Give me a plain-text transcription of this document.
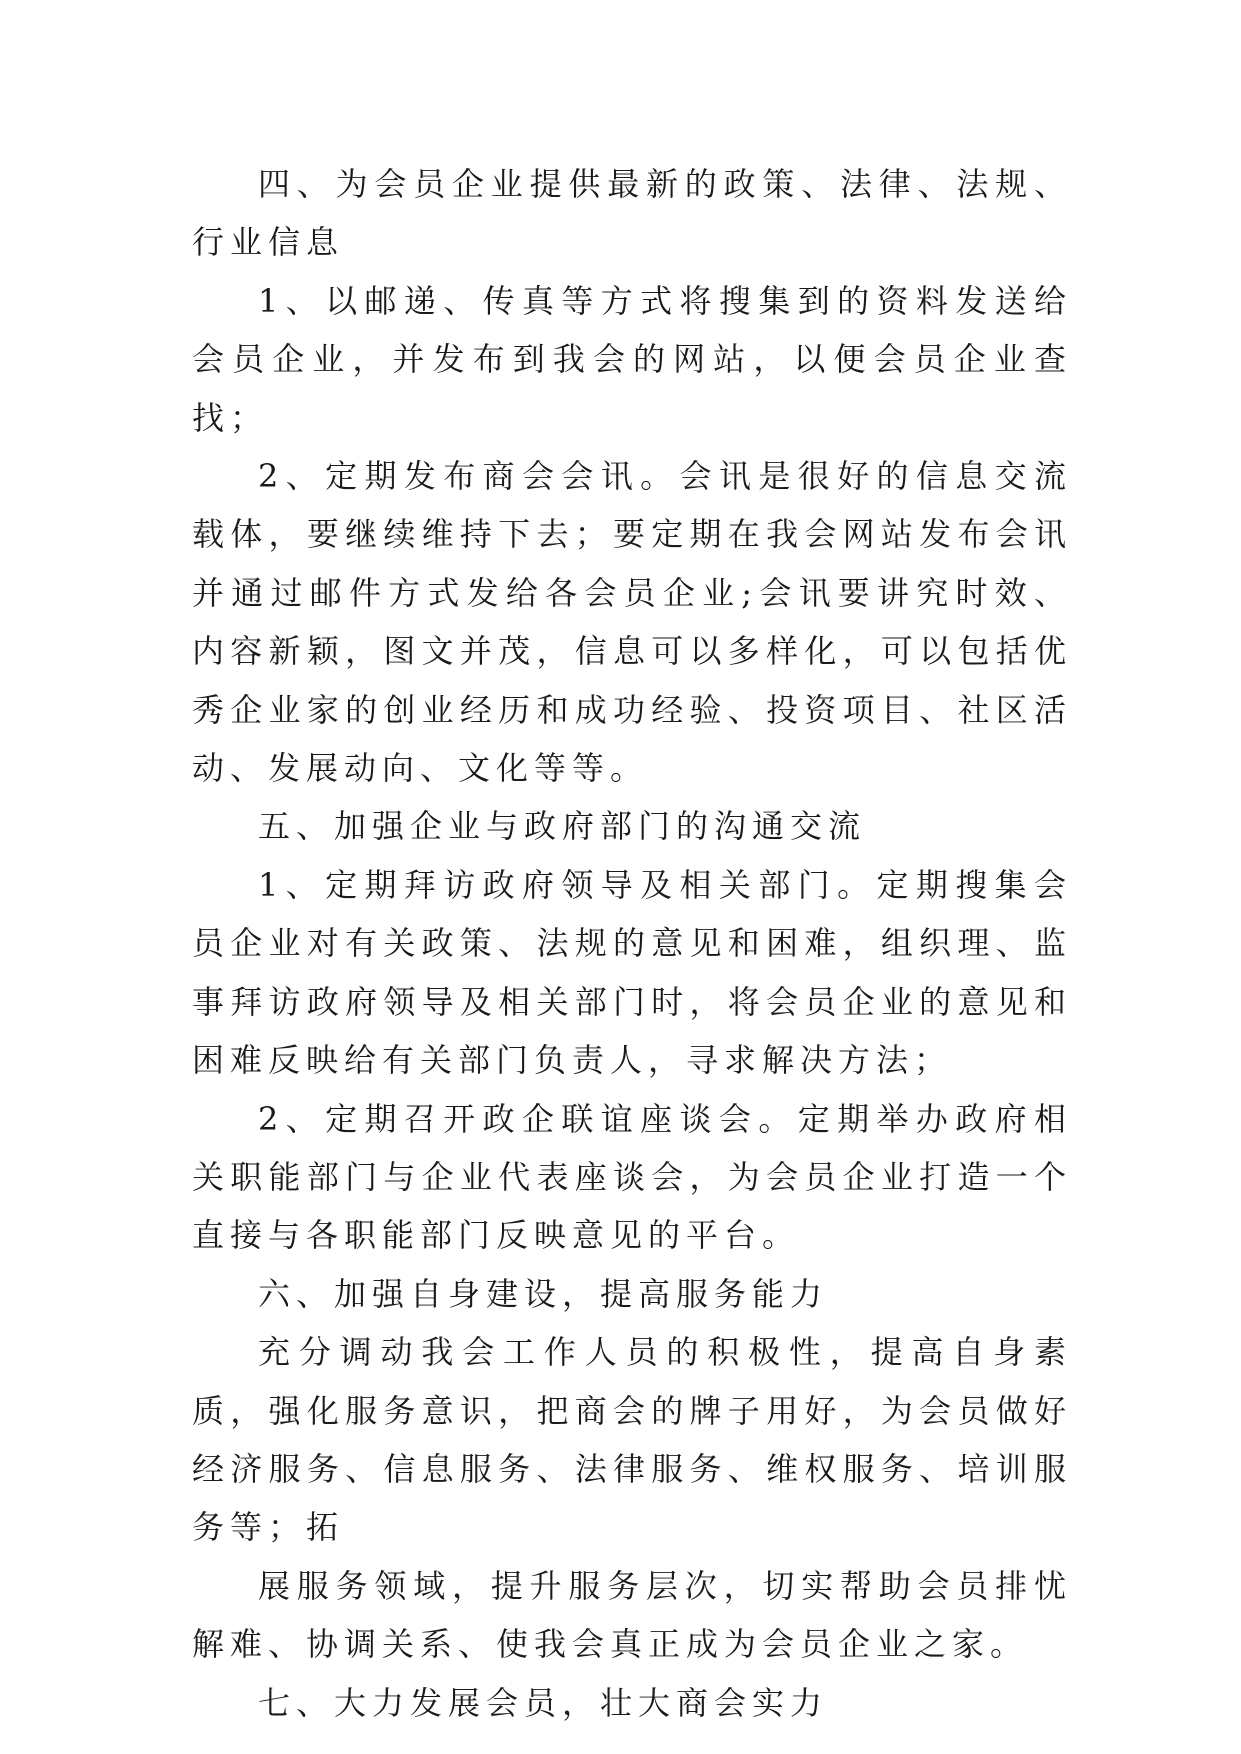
四、为会员企业提供最新的政策、法律、法规、行业信息

1、以邮递、传真等方式将搜集到的资料发送给会员企业，并发布到我会的网站，以便会员企业查找；

2、定期发布商会会讯。会讯是很好的信息交流载体，要继续维持下去；要定期在我会网站发布会讯并通过邮件方式发给各会员企业;会讯要讲究时效、内容新颖，图文并茂，信息可以多样化，可以包括优秀企业家的创业经历和成功经验、投资项目、社区活动、发展动向、文化等等。

五、加强企业与政府部门的沟通交流

1、定期拜访政府领导及相关部门。定期搜集会员企业对有关政策、法规的意见和困难，组织理、监事拜访政府领导及相关部门时，将会员企业的意见和困难反映给有关部门负责人，寻求解决方法；

2、定期召开政企联谊座谈会。定期举办政府相关职能部门与企业代表座谈会，为会员企业打造一个直接与各职能部门反映意见的平台。

六、加强自身建设，提高服务能力

充分调动我会工作人员的积极性，提高自身素质，强化服务意识，把商会的牌子用好，为会员做好经济服务、信息服务、法律服务、维权服务、培训服务等；拓

展服务领域，提升服务层次，切实帮助会员排忧解难、协调关系、使我会真正成为会员企业之家。

七、大力发展会员，壮大商会实力
